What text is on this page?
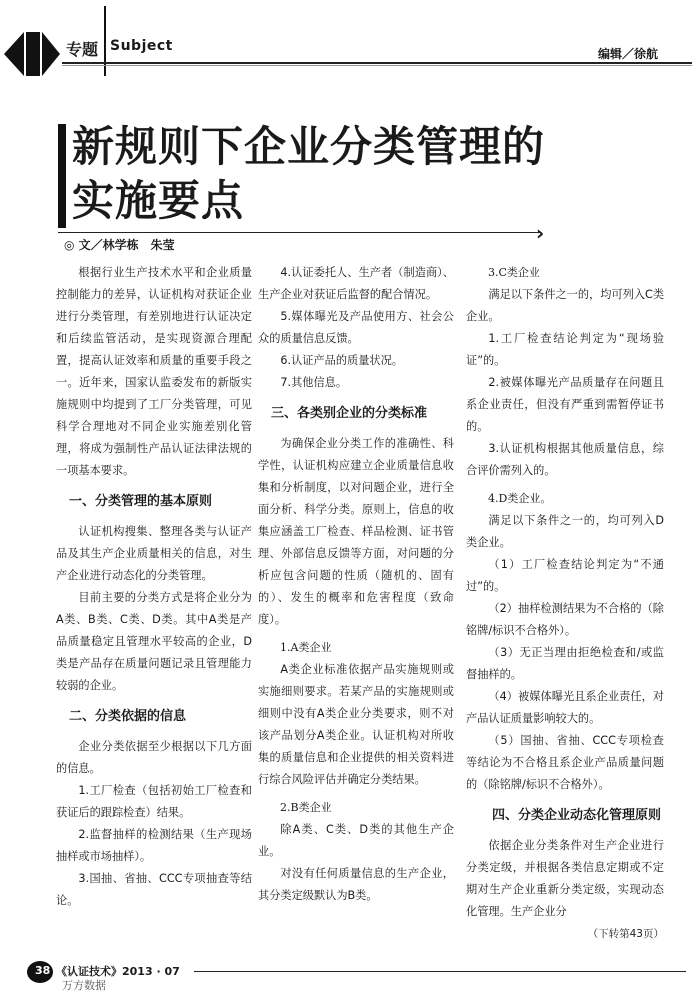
专题 Subject	编辑／徐航
新规则下企业分类管理的
实施要点
›
◎ 文／林学栋　朱莹

根据行业生产技术水平和企业质量控制能力的差异，认证机构对获证企业进行分类管理，有差别地进行认证决定和后续监管活动，是实现资源合理配置，提高认证效率和质量的重要手段之一。近年来，国家认监委发布的新版实施规则中均提到了工厂分类管理，可见科学合理地对不同企业实施差别化管理，将成为强制性产品认证法律法规的一项基本要求。

一、分类管理的基本原则

认证机构搜集、整理各类与认证产品及其生产企业质量相关的信息，对生产企业进行动态化的分类管理。

目前主要的分类方式是将企业分为A类、B类、C类、D类。其中A类是产品质量稳定且管理水平较高的企业，D类是产品存在质量问题记录且管理能力较弱的企业。

二、分类依据的信息

企业分类依据至少根据以下几方面的信息。

1.工厂检查（包括初始工厂检查和获证后的跟踪检查）结果。

2.监督抽样的检测结果（生产现场抽样或市场抽样）。

3.国抽、省抽、CCC专项抽查等结论。

4.认证委托人、生产者（制造商）、生产企业对获证后监督的配合情况。

5.媒体曝光及产品使用方、社会公众的质量信息反馈。

6.认证产品的质量状况。

7.其他信息。

三、各类别企业的分类标准

为确保企业分类工作的准确性、科学性，认证机构应建立企业质量信息收集和分析制度，以对问题企业，进行全面分析、科学分类。原则上，信息的收集应涵盖工厂检查、样品检测、证书管理、外部信息反馈等方面，对问题的分析应包含问题的性质（随机的、固有的）、发生的概率和危害程度（致命度）。

1.A类企业

A类企业标准依据产品实施规则或实施细则要求。若某产品的实施规则或细则中没有A类企业分类要求，则不对该产品划分A类企业。认证机构对所收集的质量信息和企业提供的相关资料进行综合风险评估并确定分类结果。

2.B类企业

除A类、C类、D类的其他生产企业。

对没有任何质量信息的生产企业，其分类定级默认为B类。

3.C类企业

满足以下条件之一的，均可列入C类企业。

1.工厂检查结论判定为“现场验证”的。

2.被媒体曝光产品质量存在问题且系企业责任，但没有严重到需暂停证书的。

3.认证机构根据其他质量信息，综合评价需列入的。

4.D类企业。

满足以下条件之一的，均可列入D类企业。

（1）工厂检查结论判定为“不通过”的。

（2）抽样检测结果为不合格的（除铭牌/标识不合格外）。

（3）无正当理由拒绝检查和/或监督抽样的。

（4）被媒体曝光且系企业责任，对产品认证质量影响较大的。

（5）国抽、省抽、CCC专项检查等结论为不合格且系企业产品质量问题的（除铭牌/标识不合格外）。

四、分类企业动态化管理原则

依据企业分类条件对生产企业进行分类定级，并根据各类信息定期或不定期对生产企业重新分类定级，实现动态化管理。生产企业分

（下转第43页）

38 《认证技术》2013 · 07
万方数据
